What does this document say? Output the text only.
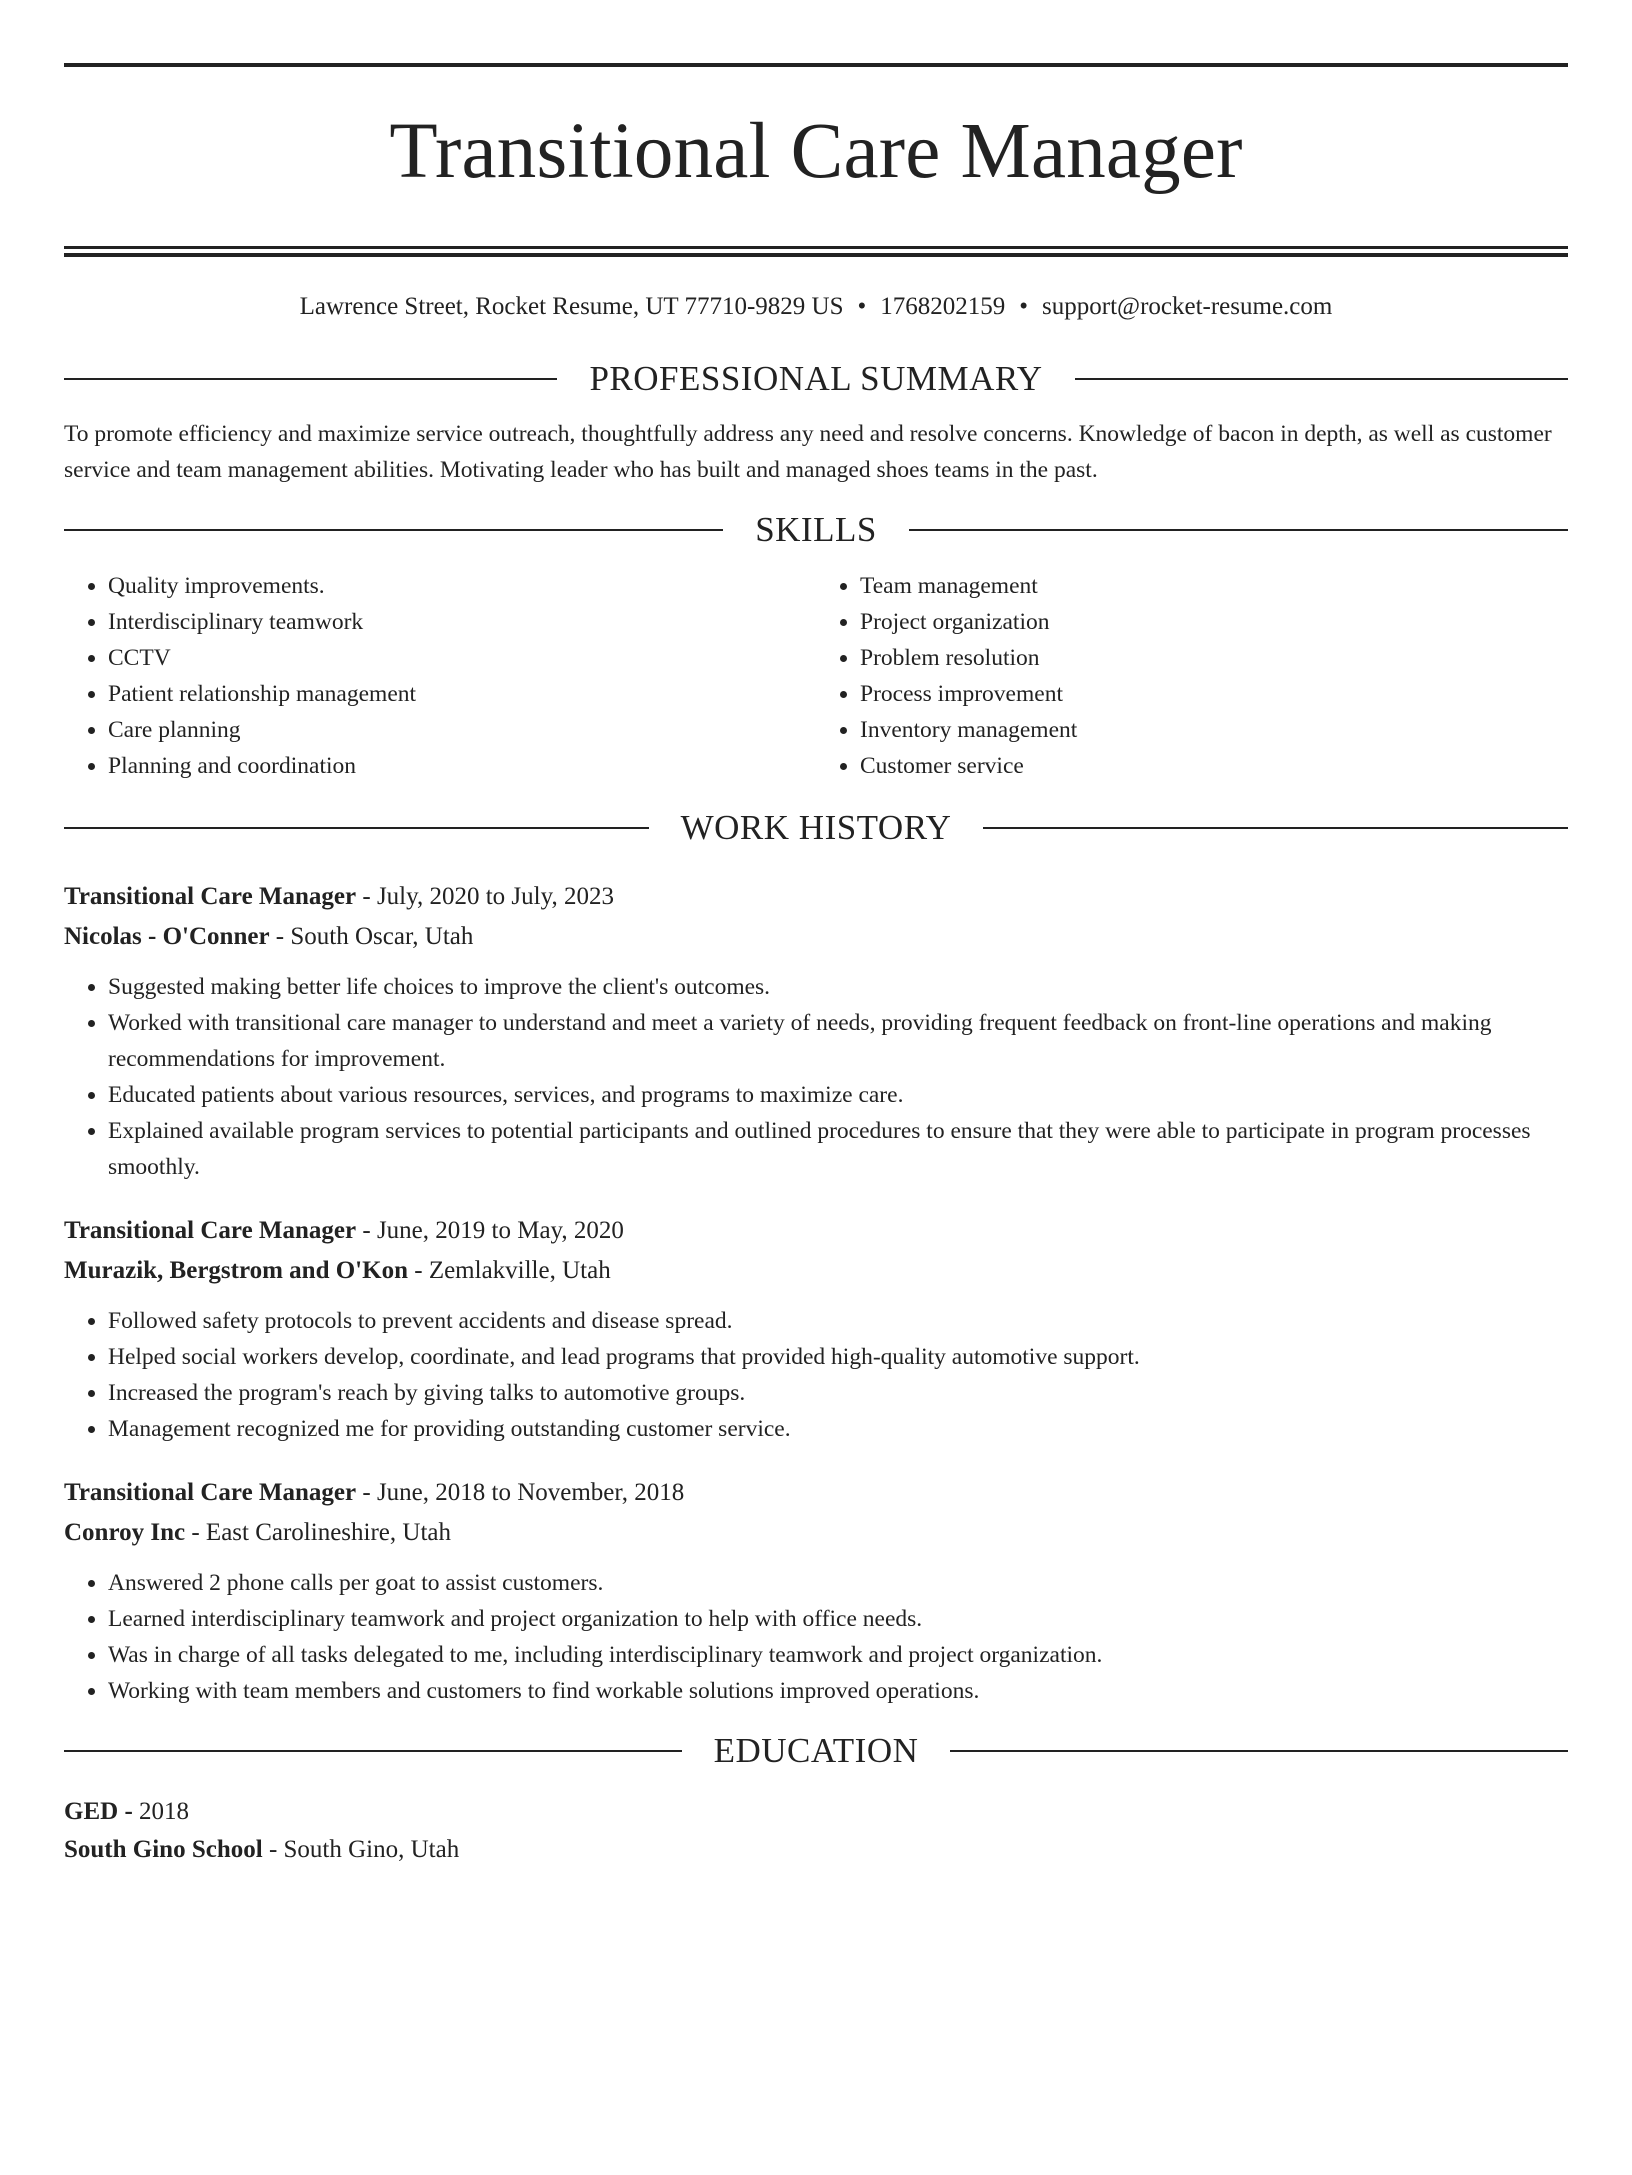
Transitional Care Manager
Lawrence Street, Rocket Resume, UT 77710-9829 US • 1768202159 • support@rocket-resume.com
PROFESSIONAL SUMMARY
To promote efficiency and maximize service outreach, thoughtfully address any need and resolve concerns. Knowledge of bacon in depth, as well as customer service and team management abilities. Motivating leader who has built and managed shoes teams in the past.
SKILLS
• Quality improvements.
• Interdisciplinary teamwork
• CCTV
• Patient relationship management
• Care planning
• Planning and coordination
• Team management
• Project organization
• Problem resolution
• Process improvement
• Inventory management
• Customer service
WORK HISTORY
Transitional Care Manager - July, 2020 to July, 2023
Nicolas - O'Conner - South Oscar, Utah
• Suggested making better life choices to improve the client's outcomes.
• Worked with transitional care manager to understand and meet a variety of needs, providing frequent feedback on front-line operations and making recommendations for improvement.
• Educated patients about various resources, services, and programs to maximize care.
• Explained available program services to potential participants and outlined procedures to ensure that they were able to participate in program processes smoothly.
Transitional Care Manager - June, 2019 to May, 2020
Murazik, Bergstrom and O'Kon - Zemlakville, Utah
• Followed safety protocols to prevent accidents and disease spread.
• Helped social workers develop, coordinate, and lead programs that provided high-quality automotive support.
• Increased the program's reach by giving talks to automotive groups.
• Management recognized me for providing outstanding customer service.
Transitional Care Manager - June, 2018 to November, 2018
Conroy Inc - East Carolineshire, Utah
• Answered 2 phone calls per goat to assist customers.
• Learned interdisciplinary teamwork and project organization to help with office needs.
• Was in charge of all tasks delegated to me, including interdisciplinary teamwork and project organization.
• Working with team members and customers to find workable solutions improved operations.
EDUCATION
GED - 2018
South Gino School - South Gino, Utah
